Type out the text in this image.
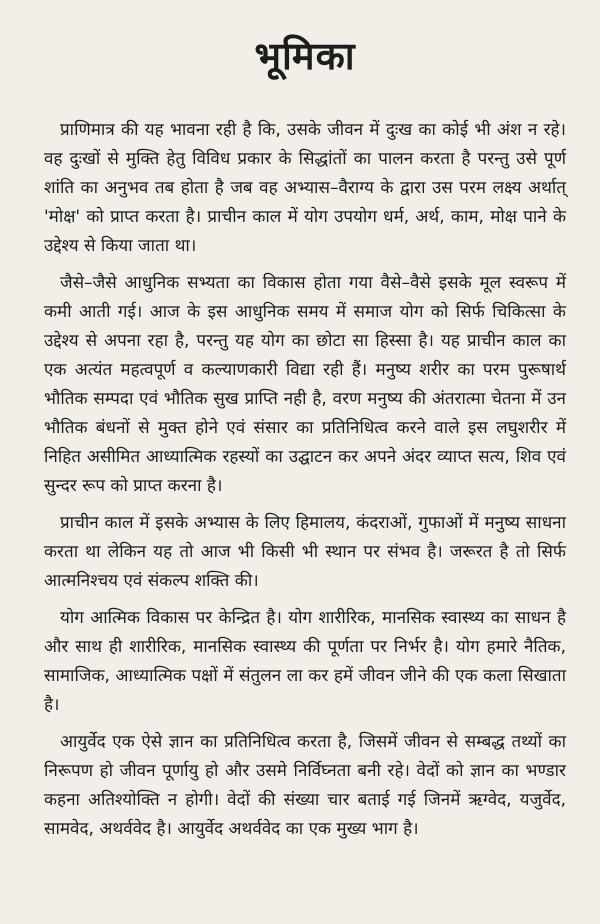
भूमिका

प्राणिमात्र की यह भावना रही है कि, उसके जीवन में दुःख का कोई भी अंश न रहे। वह दुःखों से मुक्ति हेतु विविध प्रकार के सिद्धांतों का पालन करता है परन्तु उसे पूर्ण शांति का अनुभव तब होता है जब वह अभ्यास–वैराग्य के द्वारा उस परम लक्ष्य अर्थात् 'मोक्ष' को प्राप्त करता है। प्राचीन काल में योग उपयोग धर्म, अर्थ, काम, मोक्ष पाने के उद्देश्य से किया जाता था।

जैसे–जैसे आधुनिक सभ्यता का विकास होता गया वैसे–वैसे इसके मूल स्वरूप में कमी आती गई। आज के इस आधुनिक समय में समाज योग को सिर्फ चिकित्सा के उद्देश्य से अपना रहा है, परन्तु यह योग का छोटा सा हिस्सा है। यह प्राचीन काल का एक अत्यंत महत्वपूर्ण व कल्याणकारी विद्या रही हैं। मनुष्य शरीर का परम पुरूषार्थ भौतिक सम्पदा एवं भौतिक सुख प्राप्ति नही है, वरण मनुष्य की अंतरात्मा चेतना में उन भौतिक बंधनों से मुक्त होने एवं संसार का प्रतिनिधित्व करने वाले इस लघुशरीर में निहित असीमित आध्यात्मिक रहस्यों का उद्घाटन कर अपने अंदर व्याप्त सत्य, शिव एवं सुन्दर रूप को प्राप्त करना है।

प्राचीन काल में इसके अभ्यास के लिए हिमालय, कंदराओं, गुफाओं में मनुष्य साधना करता था लेकिन यह तो आज भी किसी भी स्थान पर संभव है। जरूरत है तो सिर्फ आत्मनिश्चय एवं संकल्प शक्ति की।

योग आत्मिक विकास पर केन्द्रित है। योग शारीरिक, मानसिक स्वास्थ्य का साधन है और साथ ही शारीरिक, मानसिक स्वास्थ्य की पूर्णता पर निर्भर है। योग हमारे नैतिक, सामाजिक, आध्यात्मिक पक्षों में संतुलन ला कर हमें जीवन जीने की एक कला सिखाता है।

आयुर्वेद एक ऐसे ज्ञान का प्रतिनिधित्व करता है, जिसमें जीवन से सम्बद्ध तथ्यों का निरूपण हो जीवन पूर्णायु हो और उसमे निर्विघ्नता बनी रहे। वेदों को ज्ञान का भण्डार कहना अतिश्योक्ति न होगी। वेदों की संख्या चार बताई गई जिनमें ऋग्वेद, यजुर्वेद, सामवेद, अथर्ववेद है। आयुर्वेद अथर्ववेद का एक मुख्य भाग है।
